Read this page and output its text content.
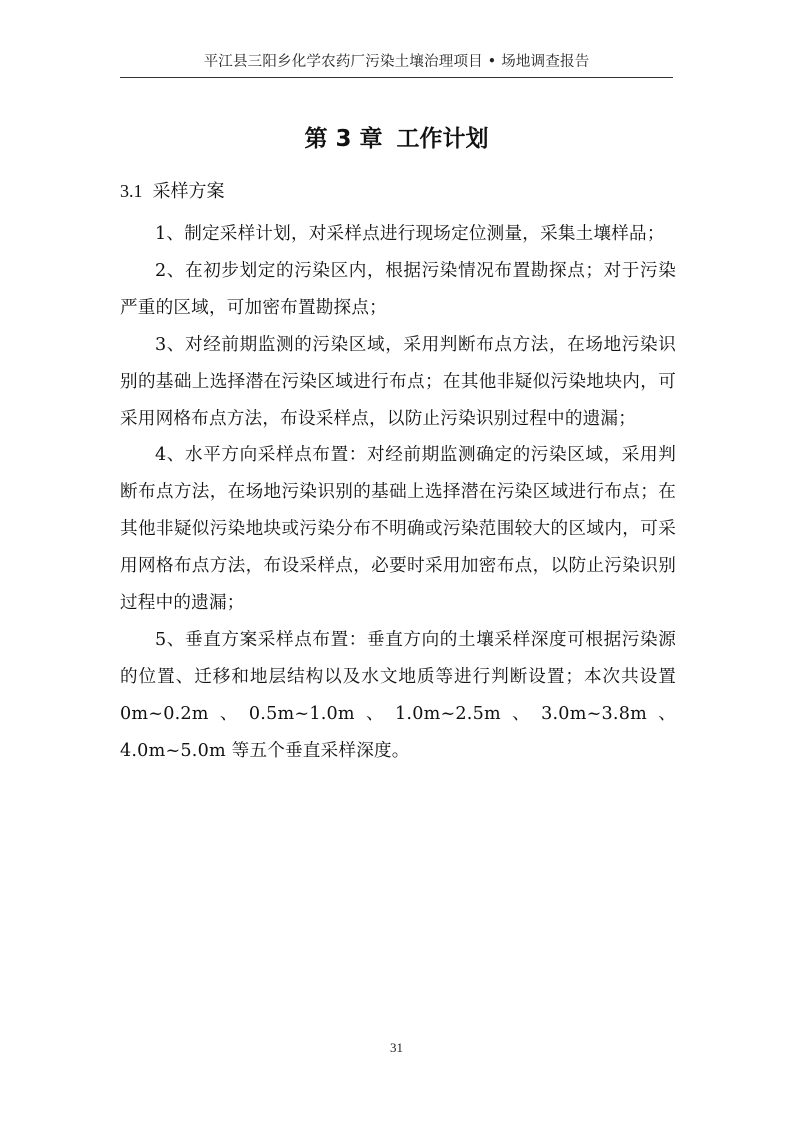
平江县三阳乡化学农药厂污染土壤治理项目 • 场地调查报告
第 3 章 工作计划
3.1 采样方案

1、制定采样计划，对采样点进行现场定位测量，采集土壤样品；

2、在初步划定的污染区内，根据污染情况布置勘探点；对于污染严重的区域，可加密布置勘探点；

3、对经前期监测的污染区域，采用判断布点方法，在场地污染识别的基础上选择潜在污染区域进行布点；在其他非疑似污染地块内，可采用网格布点方法，布设采样点，以防止污染识别过程中的遗漏；

4、水平方向采样点布置：对经前期监测确定的污染区域，采用判断布点方法，在场地污染识别的基础上选择潜在污染区域进行布点；在其他非疑似污染地块或污染分布不明确或污染范围较大的区域内，可采用网格布点方法，布设采样点，必要时采用加密布点，以防止污染识别过程中的遗漏；

5、垂直方案采样点布置：垂直方向的土壤采样深度可根据污染源的位置、迁移和地层结构以及水文地质等进行判断设置；本次共设置 0m~0.2m、0.5m~1.0m、1.0m~2.5m、3.0m~3.8m、4.0m~5.0m 等五个垂直采样深度。

31
